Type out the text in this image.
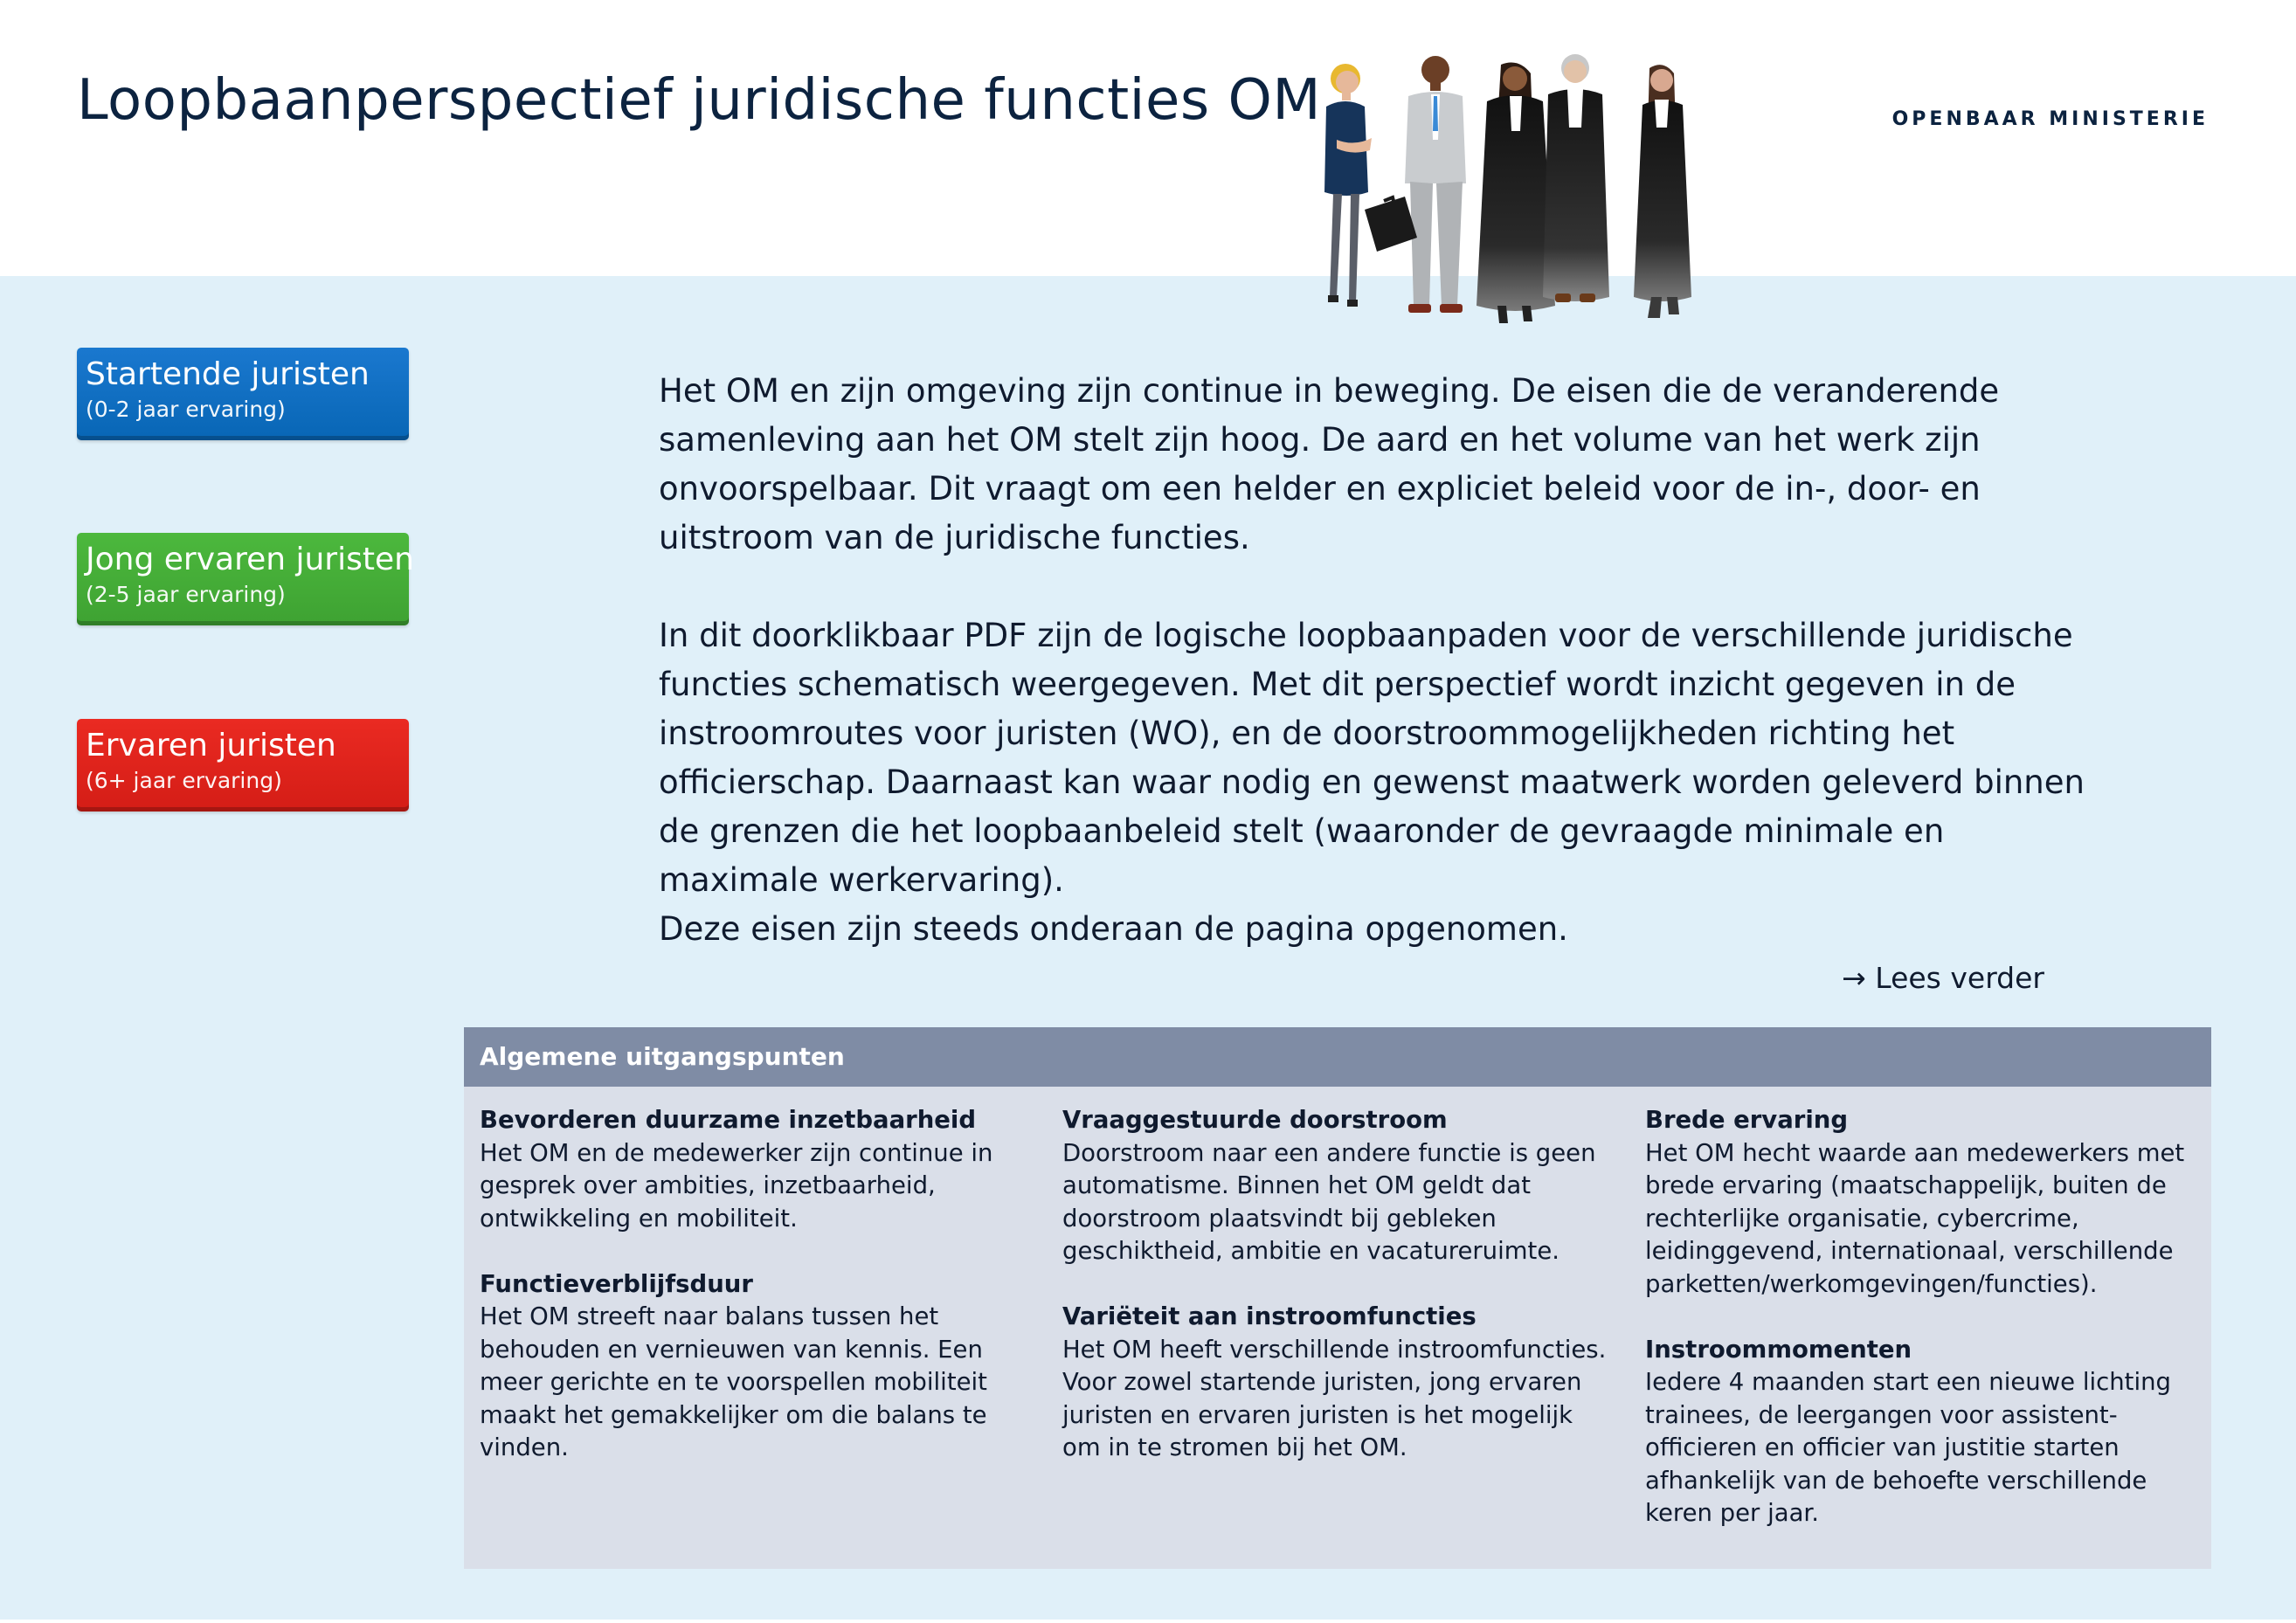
Loopbaanperspectief juridische functies OM	OPENBAAR MINISTERIE
Startende juristen
(0-2 jaar ervaring)
Jong ervaren juristen
(2-5 jaar ervaring)
Ervaren juristen
(6+ jaar ervaring)

Het OM en zijn omgeving zijn continue in beweging. De eisen die de veranderende samenleving aan het OM stelt zijn hoog. De aard en het volume van het werk zijn onvoorspelbaar. Dit vraagt om een helder en expliciet beleid voor de in-, door- en uitstroom van de juridische functies.

In dit doorklikbaar PDF zijn de logische loopbaanpaden voor de verschillende juridische functies schematisch weergegeven. Met dit perspectief wordt inzicht gegeven in de instroomroutes voor juristen (WO), en de doorstroommogelijkheden richting het officierschap. Daarnaast kan waar nodig en gewenst maatwerk worden geleverd binnen de grenzen die het loopbaanbeleid stelt (waaronder de gevraagde minimale en maximale werkervaring).

Deze eisen zijn steeds onderaan de pagina opgenomen.

→ Lees verder
Algemene uitgangspunten
Bevorderen duurzame inzetbaarheid

Het OM en de medewerker zijn continue in gesprek over ambities, inzetbaarheid, ontwikkeling en mobiliteit.

Functieverblijfsduur

Het OM streeft naar balans tussen het behouden en vernieuwen van kennis. Een meer gerichte en te voorspellen mobiliteit maakt het gemakkelijker om die balans te vinden.

Vraaggestuurde doorstroom

Doorstroom naar een andere functie is geen automatisme. Binnen het OM geldt dat doorstroom plaatsvindt bij gebleken geschiktheid, ambitie en vacatureruimte.

Variëteit aan instroomfuncties

Het OM heeft verschillende instroomfuncties. Voor zowel startende juristen, jong ervaren juristen en ervaren juristen is het mogelijk om in te stromen bij het OM.

Brede ervaring

Het OM hecht waarde aan medewerkers met brede ervaring (maatschappelijk, buiten de rechterlijke organisatie, cybercrime, leidinggevend, internationaal, verschillende parketten/werkomgevingen/functies).

Instroommomenten

Iedere 4 maanden start een nieuwe lichting trainees, de leergangen voor assistent-officieren en officier van justitie starten afhankelijk van de behoefte verschillende keren per jaar.
